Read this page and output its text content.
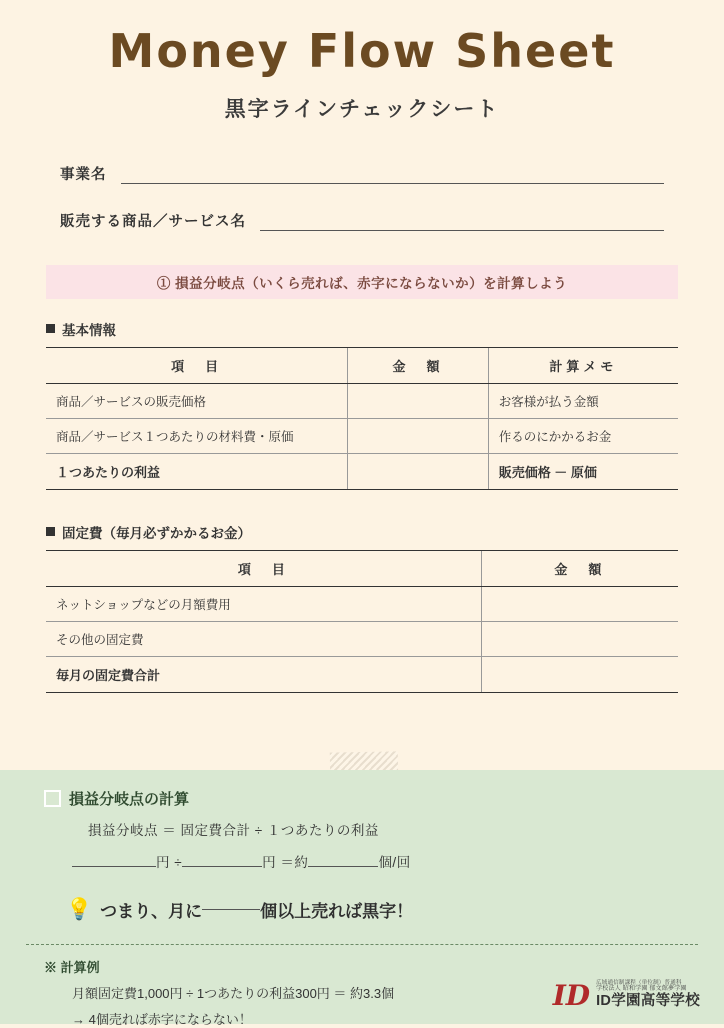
Money Flow Sheet
黒字ラインチェックシート
事業名
販売する商品／サービス名
① 損益分岐点（いくら売れば、赤字にならないか）を計算しよう
基本情報
項　目	金　額	計算メモ
商品／サービスの販売価格		お客様が払う金額
商品／サービス１つあたりの材料費・原価		作るのにかかるお金
１つあたりの利益		販売価格 － 原価
固定費（毎月必ずかかるお金）
項　目	金　額
ネットショップなどの月額費用	
その他の固定費	
毎月の固定費合計	
損益分岐点の計算
損益分岐点 ＝ 固定費合計 ÷ １つあたりの利益
円 ÷	円 ＝約	個/回
💡 つまり、月に	個以上売れば黒字！
※ 計算例
月額固定費1,000円 ÷ 1つあたりの利益300円 ＝ 約3.3個
→ 4個売れば赤字にならない！
ID 広域通信制課程（単位制）普通科
学校法人 昭和学園 郁文館夢学園
ID学園高等学校
